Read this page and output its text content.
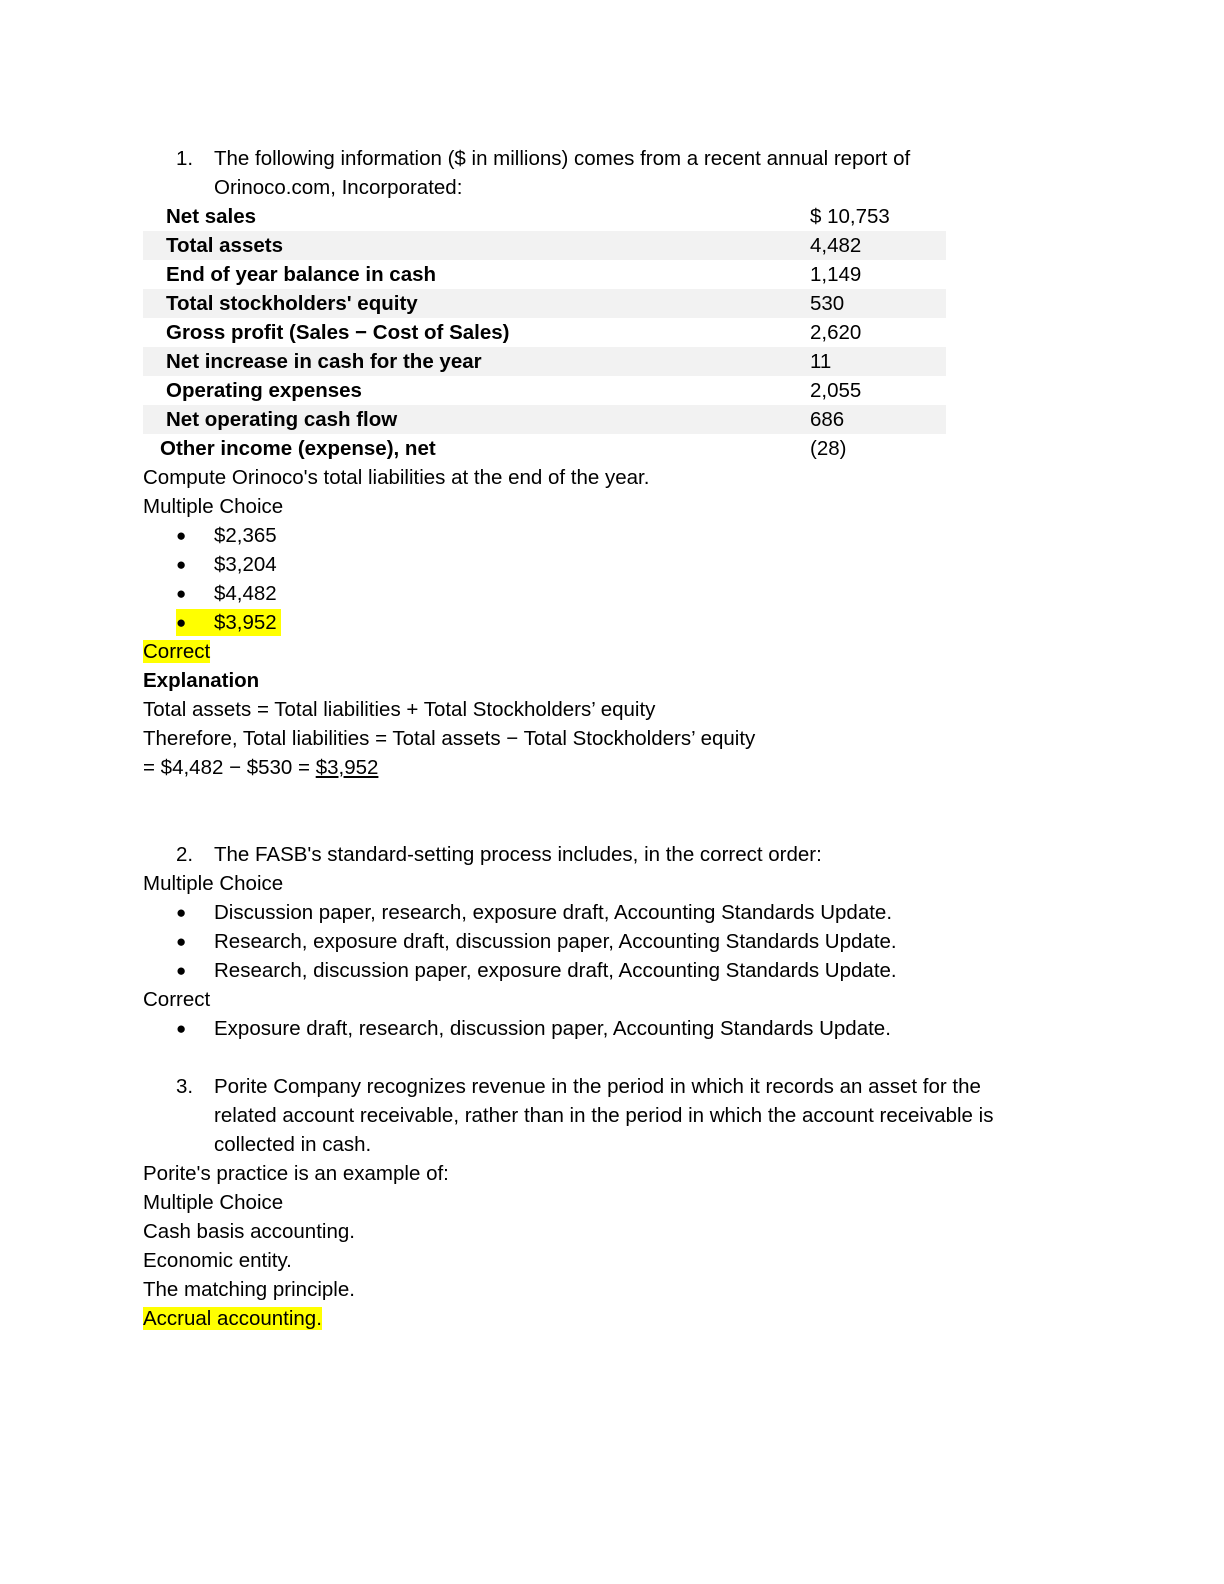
1. The following information ($ in millions) comes from a recent annual report of
Orinoco.com, Incorporated:
Net sales	$ 10,753
Total assets	4,482
End of year balance in cash	1,149
Total stockholders' equity	530
Gross profit (Sales − Cost of Sales)	2,620
Net increase in cash for the year	11
Operating expenses	2,055
Net operating cash flow	686
Other income (expense), net	(28)
Compute Orinoco's total liabilities at the end of the year.
Multiple Choice
● $2,365
● $3,204
● $4,482
● $3,952
Correct
Explanation
Total assets = Total liabilities + Total Stockholders’ equity
Therefore, Total liabilities = Total assets − Total Stockholders’ equity
= $4,482 − $530 = $3,952
2. The FASB's standard-setting process includes, in the correct order:
Multiple Choice
● Discussion paper, research, exposure draft, Accounting Standards Update.
● Research, exposure draft, discussion paper, Accounting Standards Update.
● Research, discussion paper, exposure draft, Accounting Standards Update.
Correct
● Exposure draft, research, discussion paper, Accounting Standards Update.
3. Porite Company recognizes revenue in the period in which it records an asset for the
related account receivable, rather than in the period in which the account receivable is
collected in cash.
Porite's practice is an example of:
Multiple Choice
Cash basis accounting.
Economic entity.
The matching principle.
Accrual accounting.
